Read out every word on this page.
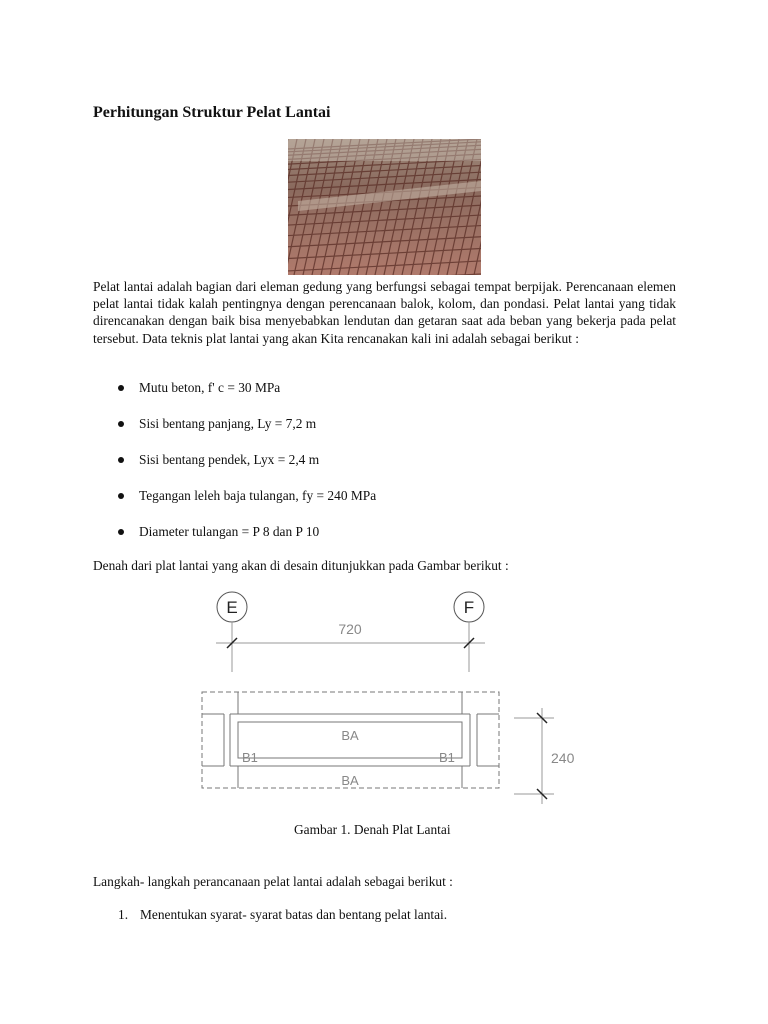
Perhitungan Struktur Pelat Lantai

Pelat lantai adalah bagian dari eleman gedung yang berfungsi sebagai tempat berpijak. Perencanaan elemen pelat lantai tidak kalah pentingnya dengan perencanaan balok, kolom, dan pondasi. Pelat lantai yang tidak direncanakan dengan baik bisa menyebabkan lendutan dan getaran saat ada beban yang bekerja pada pelat tersebut. Data teknis plat lantai yang akan Kita rencanakan kali ini adalah sebagai berikut :

Mutu beton, f' c = 30 MPa
Sisi bentang panjang, Ly = 7,2 m
Sisi bentang pendek, Lyx = 2,4 m
Tegangan leleh baja tulangan, fy = 240 MPa
Diameter tulangan = P 8 dan P 10

Denah dari plat lantai yang akan di desain ditunjukkan pada Gambar berikut :

E	F
720
BA
BA
B1	B1	240
Gambar 1. Denah Plat Lantai

Langkah- langkah perancanaan pelat lantai adalah sebagai berikut :

1. Menentukan syarat- syarat batas dan bentang pelat lantai.
